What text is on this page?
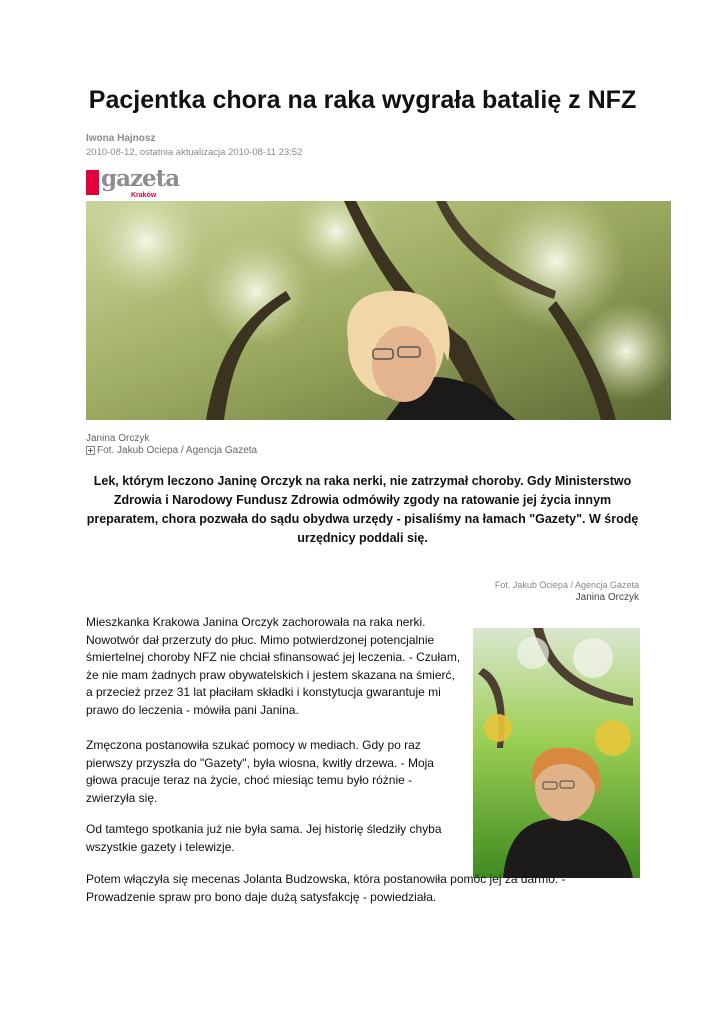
Pacjentka chora na raka wygrała batalię z NFZ
Iwona Hajnosz
2010-08-12, ostatnia aktualizacja 2010-08-11 23:52
gazeta
Kraków
Janina Orczyk
Fot. Jakub Ociepa / Agencja Gazeta

Lek, którym leczono Janinę Orczyk na raka nerki, nie zatrzymał choroby. Gdy Ministerstwo Zdrowia i Narodowy Fundusz Zdrowia odmówiły zgody na ratowanie jej życia innym preparatem, chora pozwała do sądu obydwa urzędy - pisaliśmy na łamach "Gazety". W środę urzędnicy poddali się.

Fot. Jakub Ociepa / Agencja Gazeta
Janina Orczyk

Mieszkanka Krakowa Janina Orczyk zachorowała na raka nerki. Nowotwór dał przerzuty do płuc. Mimo potwierdzonej potencjalnie śmiertelnej choroby NFZ nie chciał sfinansować jej leczenia. - Czułam, że nie mam żadnych praw obywatelskich i jestem skazana na śmierć, a przecież przez 31 lat płaciłam składki i konstytucja gwarantuje mi prawo do leczenia - mówiła pani Janina.

Zmęczona postanowiła szukać pomocy w mediach. Gdy po raz pierwszy przyszła do "Gazety", była wiosna, kwitły drzewa. - Moja głowa pracuje teraz na życie, choć miesiąc temu było różnie - zwierzyła się.

Od tamtego spotkania już nie była sama. Jej historię śledziły chyba wszystkie gazety i telewizje.

Potem włączyła się mecenas Jolanta Budzowska, która postanowiła pomóc jej za darmo. - Prowadzenie spraw pro bono daje dużą satysfakcję - powiedziała.
